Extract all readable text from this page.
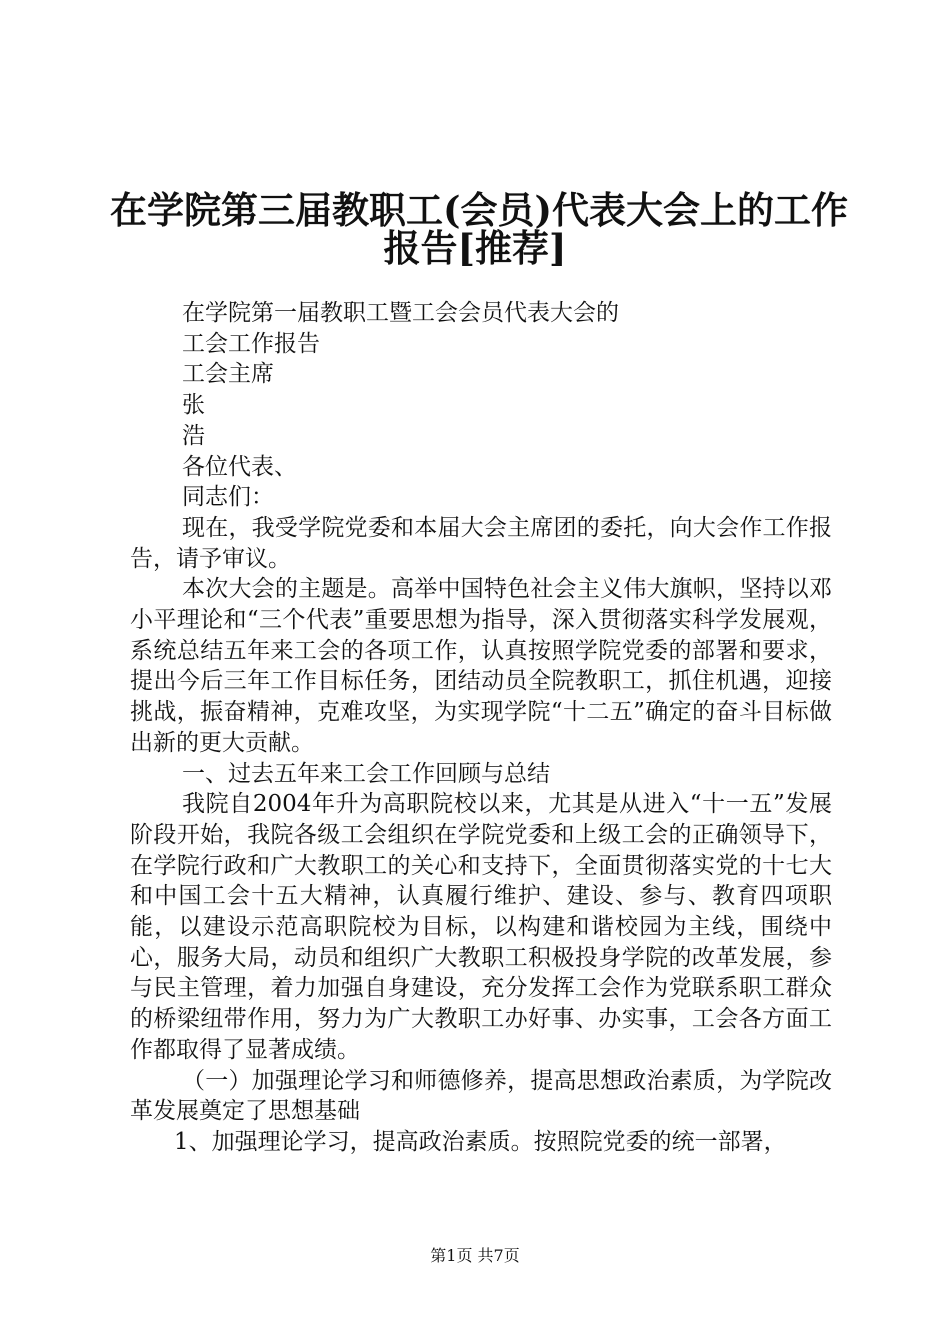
在学院第三届教职工(会员)代表大会上的工作
报告[推荐]

在学院第一届教职工暨工会会员代表大会的

工会工作报告

工会主席

张

浩

各位代表、

同志们：

现在，我受学院党委和本届大会主席团的委托，向大会作工作报告，请予审议。

本次大会的主题是。高举中国特色社会主义伟大旗帜，坚持以邓小平理论和“三个代表”重要思想为指导，深入贯彻落实科学发展观，系统总结五年来工会的各项工作，认真按照学院党委的部署和要求，提出今后三年工作目标任务，团结动员全院教职工，抓住机遇，迎接挑战，振奋精神，克难攻坚，为实现学院“十二五”确定的奋斗目标做出新的更大贡献。

一、过去五年来工会工作回顾与总结

我院自2004年升为高职院校以来，尤其是从进入“十一五”发展阶段开始，我院各级工会组织在学院党委和上级工会的正确领导下，在学院行政和广大教职工的关心和支持下，全面贯彻落实党的十七大和中国工会十五大精神，认真履行维护、建设、参与、教育四项职能，以建设示范高职院校为目标，以构建和谐校园为主线，围绕中心，服务大局，动员和组织广大教职工积极投身学院的改革发展，参与民主管理，着力加强自身建设，充分发挥工会作为党联系职工群众的桥梁纽带作用，努力为广大教职工办好事、办实事，工会各方面工作都取得了显著成绩。

（一）加强理论学习和师德修养，提高思想政治素质，为学院改革发展奠定了思想基础

1、加强理论学习，提高政治素质。按照院党委的统一部署，

第1页 共7页
